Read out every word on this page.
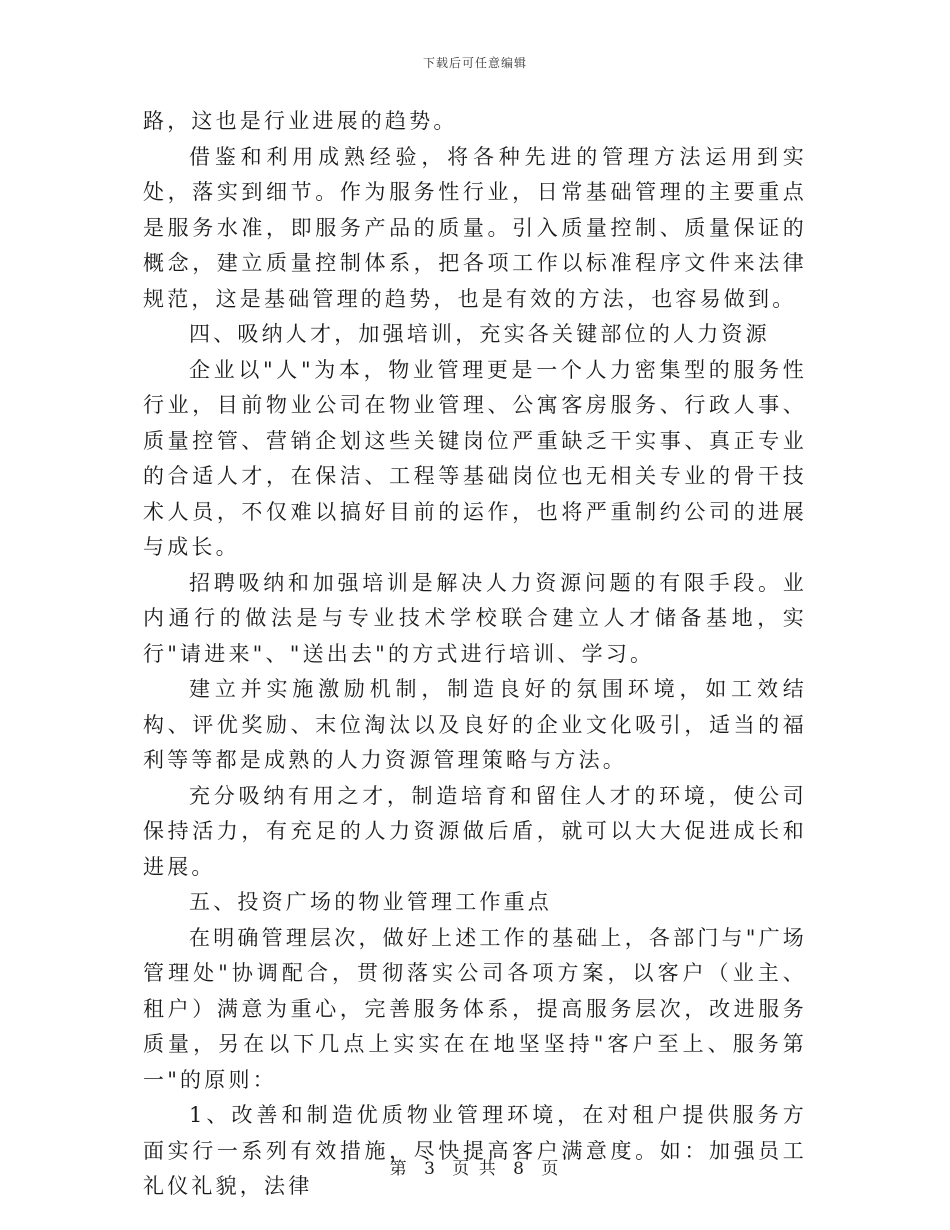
下载后可任意编辑

路，这也是行业进展的趋势。

借鉴和利用成熟经验，将各种先进的管理方法运用到实处，落实到细节。作为服务性行业，日常基础管理的主要重点是服务水准，即服务产品的质量。引入质量控制、质量保证的概念，建立质量控制体系，把各项工作以标准程序文件来法律规范，这是基础管理的趋势，也是有效的方法，也容易做到。

四、吸纳人才，加强培训，充实各关键部位的人力资源

企业以"人"为本，物业管理更是一个人力密集型的服务性行业，目前物业公司在物业管理、公寓客房服务、行政人事、质量控管、营销企划这些关键岗位严重缺乏干实事、真正专业的合适人才，在保洁、工程等基础岗位也无相关专业的骨干技术人员，不仅难以搞好目前的运作，也将严重制约公司的进展与成长。

招聘吸纳和加强培训是解决人力资源问题的有限手段。业内通行的做法是与专业技术学校联合建立人才储备基地，实行"请进来"、"送出去"的方式进行培训、学习。

建立并实施激励机制，制造良好的氛围环境，如工效结构、评优奖励、末位淘汰以及良好的企业文化吸引，适当的福利等等都是成熟的人力资源管理策略与方法。

充分吸纳有用之才，制造培育和留住人才的环境，使公司保持活力，有充足的人力资源做后盾，就可以大大促进成长和进展。

五、投资广场的物业管理工作重点

在明确管理层次，做好上述工作的基础上，各部门与"广场管理处"协调配合，贯彻落实公司各项方案，以客户（业主、租户）满意为重心，完善服务体系，提高服务层次，改进服务质量，另在以下几点上实实在在地坚坚持"客户至上、服务第一"的原则：

1、改善和制造优质物业管理环境，在对租户提供服务方面实行一系列有效措施，尽快提高客户满意度。如：加强员工礼仪礼貌，法律

第 3 页 共 8 页
